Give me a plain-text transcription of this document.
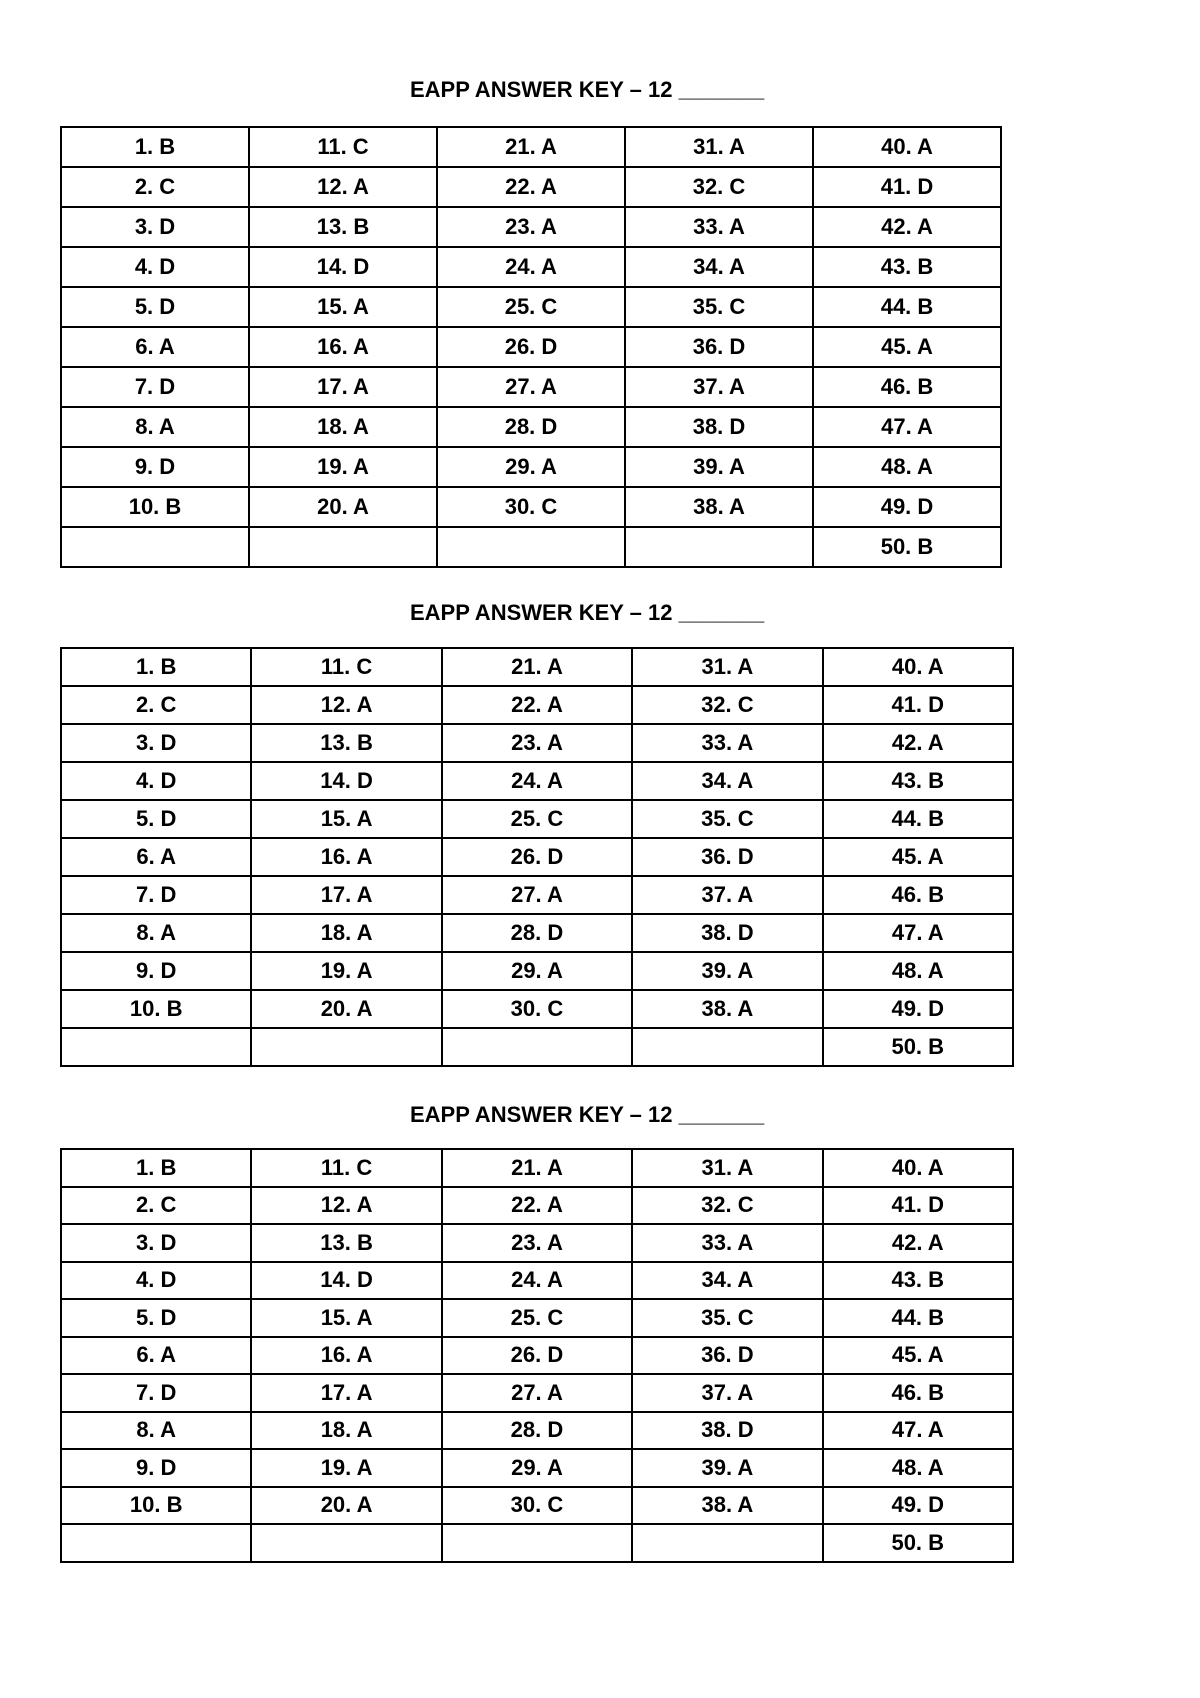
EAPP ANSWER KEY – 12 _______
1. B	11. C	21. A	31. A	40. A
2. C	12. A	22. A	32. C	41. D
3. D	13. B	23. A	33. A	42. A
4. D	14. D	24. A	34. A	43. B
5. D	15. A	25. C	35. C	44. B
6. A	16. A	26. D	36. D	45. A
7. D	17. A	27. A	37. A	46. B
8. A	18. A	28. D	38. D	47. A
9. D	19. A	29. A	39. A	48. A
10. B	20. A	30. C	38. A	49. D
				50. B
EAPP ANSWER KEY – 12 _______
1. B	11. C	21. A	31. A	40. A
2. C	12. A	22. A	32. C	41. D
3. D	13. B	23. A	33. A	42. A
4. D	14. D	24. A	34. A	43. B
5. D	15. A	25. C	35. C	44. B
6. A	16. A	26. D	36. D	45. A
7. D	17. A	27. A	37. A	46. B
8. A	18. A	28. D	38. D	47. A
9. D	19. A	29. A	39. A	48. A
10. B	20. A	30. C	38. A	49. D
				50. B
EAPP ANSWER KEY – 12 _______
1. B	11. C	21. A	31. A	40. A
2. C	12. A	22. A	32. C	41. D
3. D	13. B	23. A	33. A	42. A
4. D	14. D	24. A	34. A	43. B
5. D	15. A	25. C	35. C	44. B
6. A	16. A	26. D	36. D	45. A
7. D	17. A	27. A	37. A	46. B
8. A	18. A	28. D	38. D	47. A
9. D	19. A	29. A	39. A	48. A
10. B	20. A	30. C	38. A	49. D
				50. B
